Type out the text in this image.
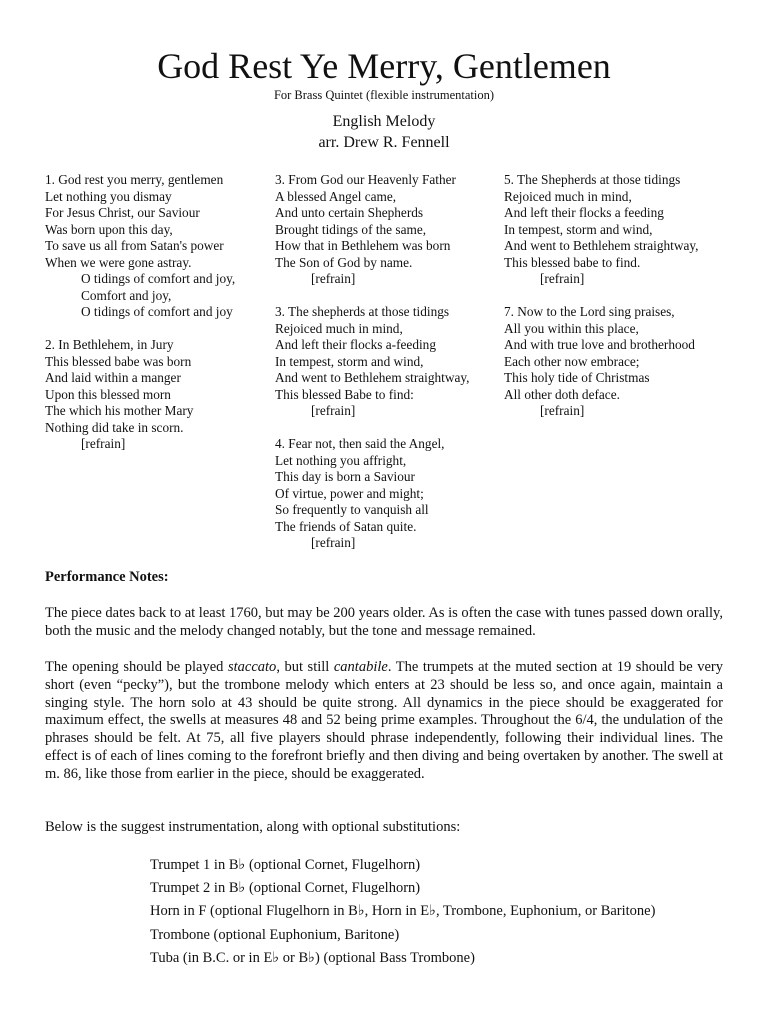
God Rest Ye Merry, Gentlemen
For Brass Quintet (flexible instrumentation)
English Melody
arr. Drew R. Fennell
1. God rest you merry, gentlemen
Let nothing you dismay
For Jesus Christ, our Saviour
Was born upon this day,
To save us all from Satan's power
When we were gone astray.
O tidings of comfort and joy,
Comfort and joy,
O tidings of comfort and joy
2. In Bethlehem, in Jury
This blessed babe was born
And laid within a manger
Upon this blessed morn
The which his mother Mary
Nothing did take in scorn.
[refrain]
3. From God our Heavenly Father
A blessed Angel came,
And unto certain Shepherds
Brought tidings of the same,
How that in Bethlehem was born
The Son of God by name.
[refrain]
3. The shepherds at those tidings
Rejoiced much in mind,
And left their flocks a-feeding
In tempest, storm and wind,
And went to Bethlehem straightway,
This blessed Babe to find:
[refrain]
4. Fear not, then said the Angel,
Let nothing you affright,
This day is born a Saviour
Of virtue, power and might;
So frequently to vanquish all
The friends of Satan quite.
[refrain]
5. The Shepherds at those tidings
Rejoiced much in mind,
And left their flocks a feeding
In tempest, storm and wind,
And went to Bethlehem straightway,
This blessed babe to find.
[refrain]
7. Now to the Lord sing praises,
All you within this place,
And with true love and brotherhood
Each other now embrace;
This holy tide of Christmas
All other doth deface.
[refrain]
Performance Notes:
The piece dates back to at least 1760, but may be 200 years older. As is often the case with tunes passed down orally, both the music and the melody changed notably, but the tone and message remained.
The opening should be played staccato, but still cantabile. The trumpets at the muted section at 19 should be very short (even “pecky”), but the trombone melody which enters at 23 should be less so, and once again, maintain a singing style. The horn solo at 43 should be quite strong. All dynamics in the piece should be exaggerated for maximum effect, the swells at measures 48 and 52 being prime examples. Throughout the 6/4, the undulation of the phrases should be felt. At 75, all five players should phrase independently, following their individual lines. The effect is of each of lines coming to the forefront briefly and then diving and being overtaken by another. The swell at m. 86, like those from earlier in the piece, should be exaggerated.
Below is the suggest instrumentation, along with optional substitutions:
Trumpet 1 in B♭ (optional Cornet, Flugelhorn)
Trumpet 2 in B♭ (optional Cornet, Flugelhorn)
Horn in F (optional Flugelhorn in B♭, Horn in E♭, Trombone, Euphonium, or Baritone)
Trombone (optional Euphonium, Baritone)
Tuba (in B.C. or in E♭ or B♭) (optional Bass Trombone)
